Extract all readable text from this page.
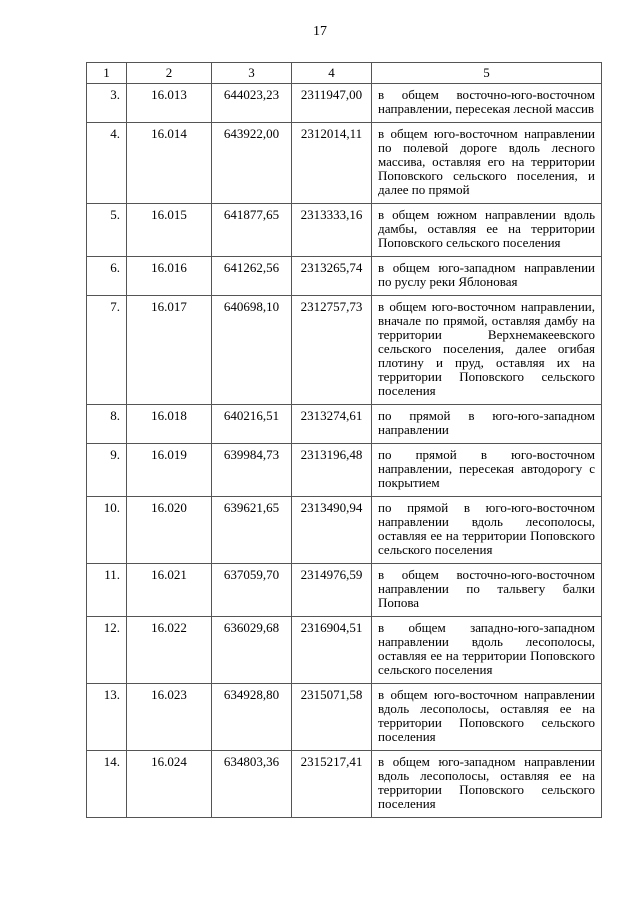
17
1	2	3	4	5
3.	16.013	644023,23	2311947,00	в общем восточно-юго-восточном направлении, пересекая лесной массив
4.	16.014	643922,00	2312014,11	в общем юго-восточном направлении по полевой дороге вдоль лесного массива, оставляя его на территории Поповского сельского поселения, и далее по прямой
5.	16.015	641877,65	2313333,16	в общем южном направлении вдоль дамбы, оставляя ее на территории Поповского сельского поселения
6.	16.016	641262,56	2313265,74	в общем юго-западном направлении по руслу реки Яблоновая
7.	16.017	640698,10	2312757,73	в общем юго-восточном направлении, вначале по прямой, оставляя дамбу на территории Верхнемакеевского сельского поселения, далее огибая плотину и пруд, оставляя их на территории Поповского сельского поселения
8.	16.018	640216,51	2313274,61	по прямой в юго-юго-западном направлении
9.	16.019	639984,73	2313196,48	по прямой в юго-восточном направлении, пересекая автодорогу с покрытием
10.	16.020	639621,65	2313490,94	по прямой в юго-юго-восточном направлении вдоль лесополосы, оставляя ее на территории Поповского сельского поселения
11.	16.021	637059,70	2314976,59	в общем восточно-юго-восточном направлении по тальвегу балки Попова
12.	16.022	636029,68	2316904,51	в общем западно-юго-западном направлении вдоль лесополосы, оставляя ее на территории Поповского сельского поселения
13.	16.023	634928,80	2315071,58	в общем юго-восточном направлении вдоль лесополосы, оставляя ее на территории Поповского сельского поселения
14.	16.024	634803,36	2315217,41	в общем юго-западном направлении вдоль лесополосы, оставляя ее на территории Поповского сельского поселения
